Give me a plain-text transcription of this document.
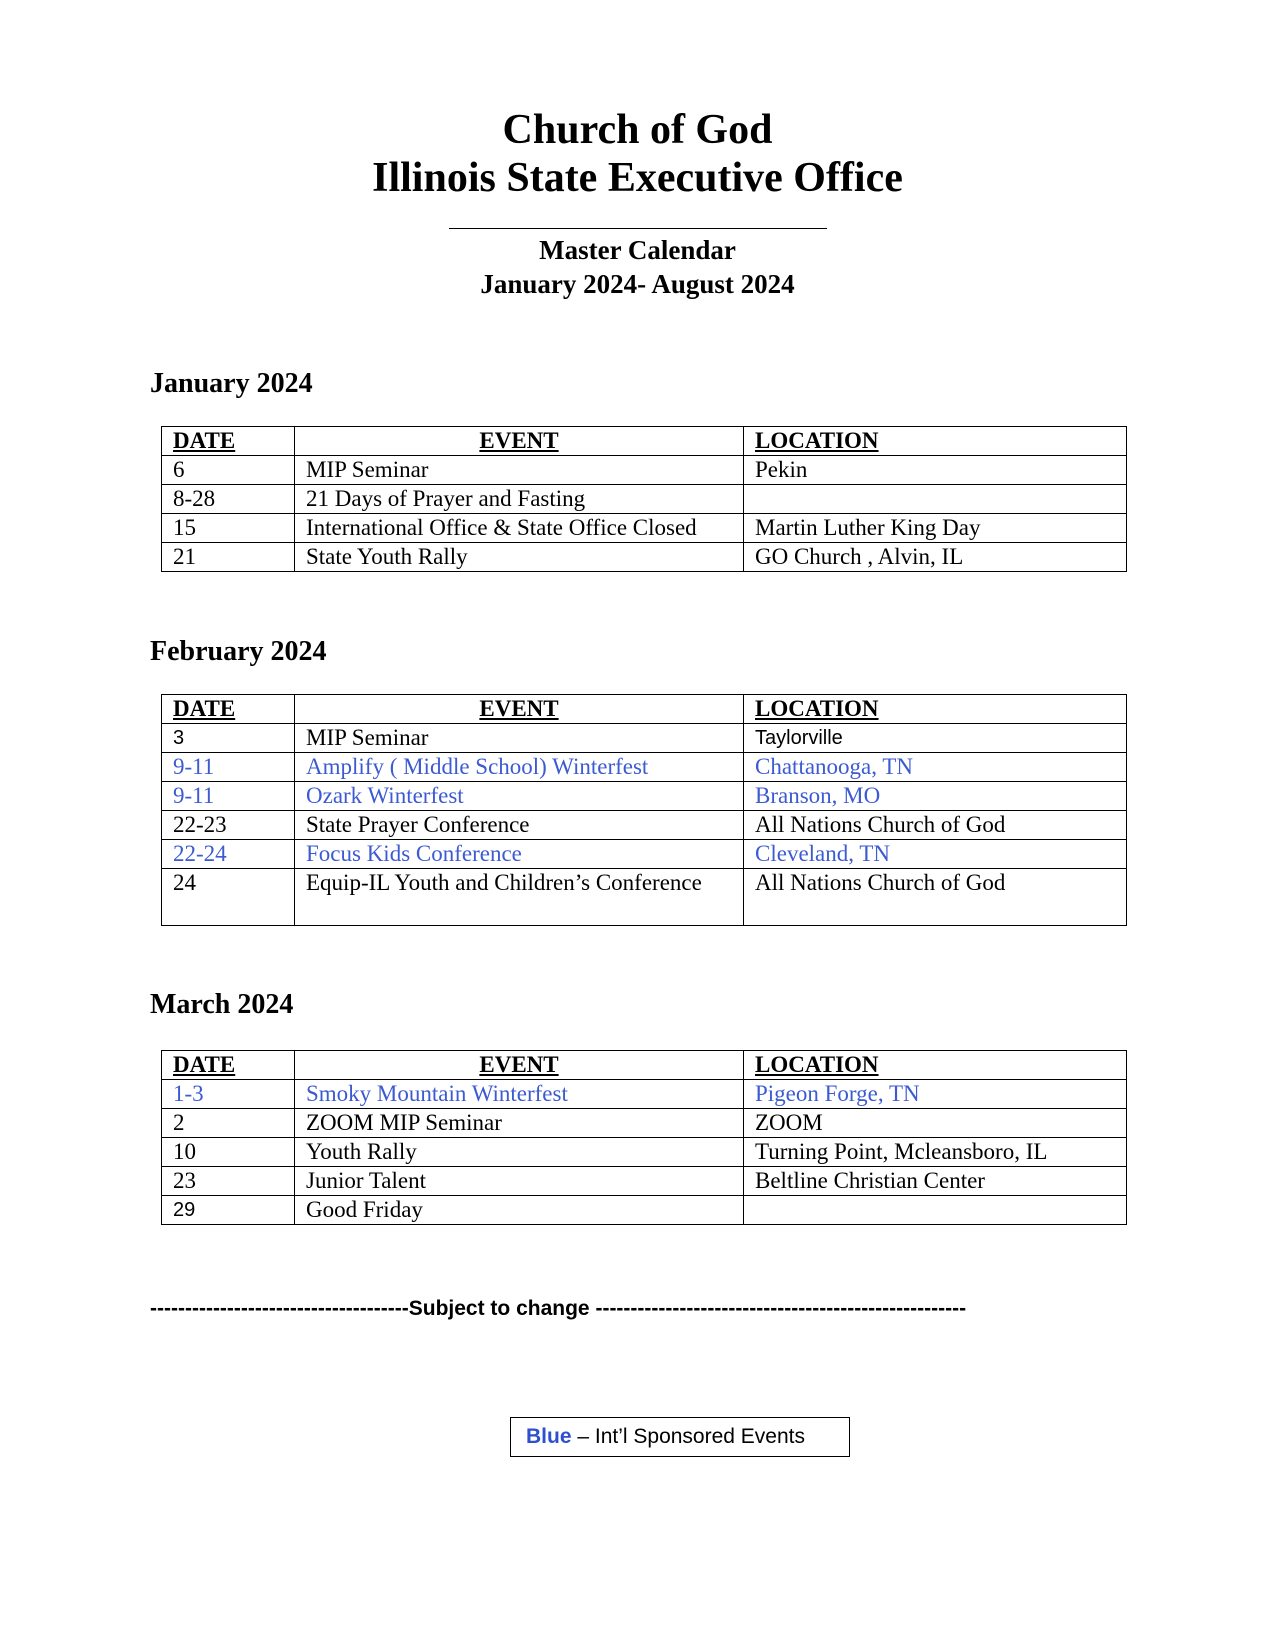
Church of God
Illinois State Executive Office
Master Calendar
January 2024- August 2024
January 2024
DATE	EVENT	LOCATION
6	MIP Seminar	Pekin
8-28	21 Days of Prayer and Fasting	
15	International Office & State Office Closed	Martin Luther King Day
21	State Youth Rally	GO Church , Alvin, IL
February 2024
DATE	EVENT	LOCATION
3	MIP Seminar	Taylorville
9-11	Amplify ( Middle School) Winterfest	Chattanooga, TN
9-11	Ozark Winterfest	Branson, MO
22-23	State Prayer Conference	All Nations Church of God
22-24	Focus Kids Conference	Cleveland, TN
24	Equip-IL Youth and Children’s Conference	All Nations Church of God
March 2024
DATE	EVENT	LOCATION
1-3	Smoky Mountain Winterfest	Pigeon Forge, TN
2	ZOOM MIP Seminar	ZOOM
10	Youth Rally	Turning Point, Mcleansboro, IL
23	Junior Talent	Beltline Christian Center
29	Good Friday	
-------------------------------------Subject to change -----------------------------------------------------
Blue – Int’l Sponsored Events
